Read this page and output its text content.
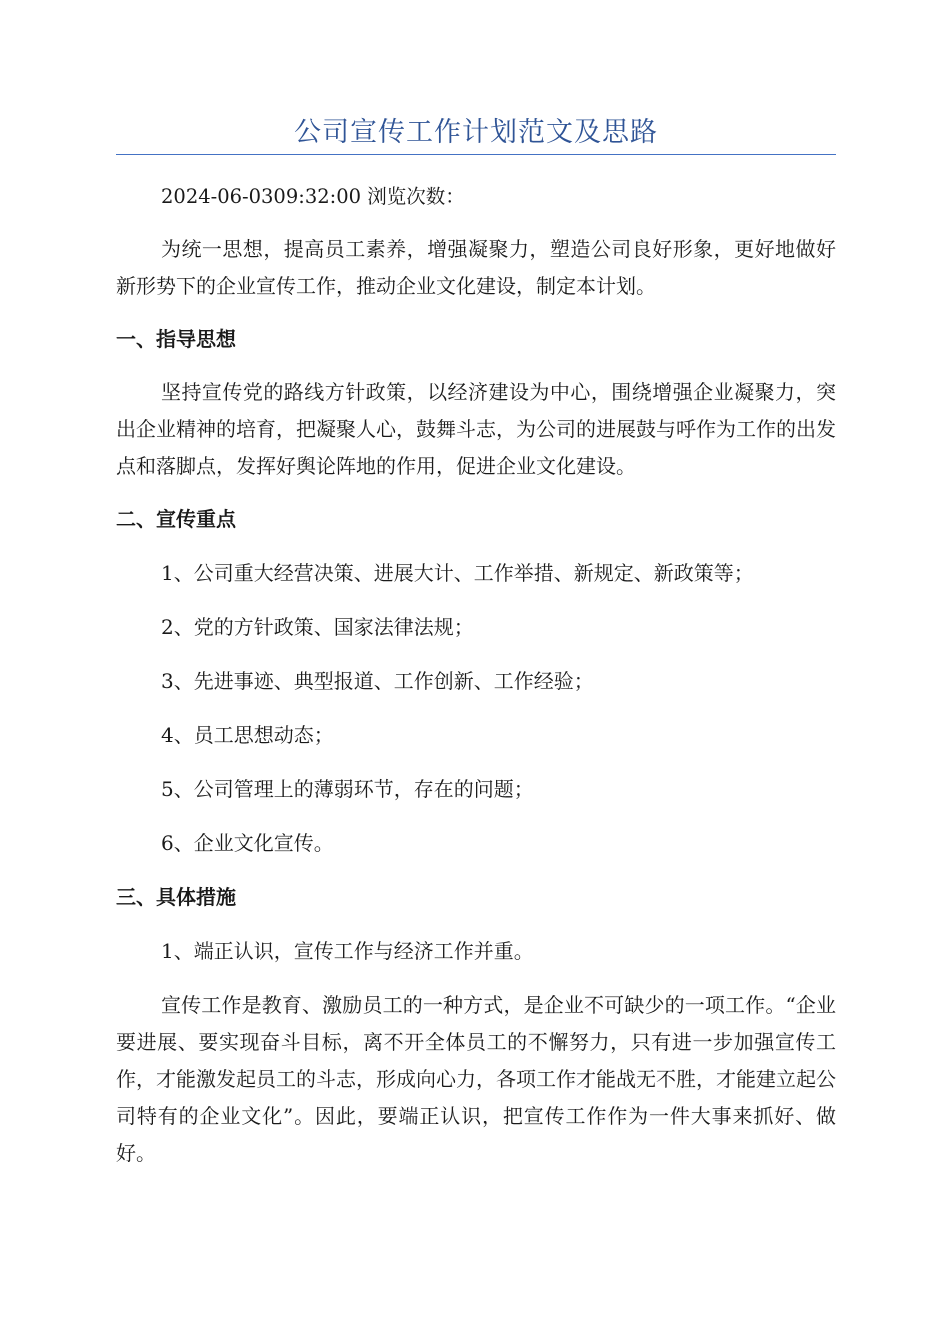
公司宣传工作计划范文及思路

2024-06-0309:32:00 浏览次数：

为统一思想，提高员工素养，增强凝聚力，塑造公司良好形象，更好地做好新形势下的企业宣传工作，推动企业文化建设，制定本计划。

一、指导思想

坚持宣传党的路线方针政策，以经济建设为中心，围绕增强企业凝聚力，突出企业精神的培育，把凝聚人心，鼓舞斗志，为公司的进展鼓与呼作为工作的出发点和落脚点，发挥好舆论阵地的作用，促进企业文化建设。

二、宣传重点

1、公司重大经营决策、进展大计、工作举措、新规定、新政策等；

2、党的方针政策、国家法律法规；

3、先进事迹、典型报道、工作创新、工作经验；

4、员工思想动态；

5、公司管理上的薄弱环节，存在的问题；

6、企业文化宣传。

三、具体措施

1、端正认识，宣传工作与经济工作并重。

宣传工作是教育、激励员工的一种方式，是企业不可缺少的一项工作。“企业要进展、要实现奋斗目标，离不开全体员工的不懈努力，只有进一步加强宣传工作，才能激发起员工的斗志，形成向心力，各项工作才能战无不胜，才能建立起公司特有的企业文化”。因此，要端正认识，把宣传工作作为一件大事来抓好、做好。
